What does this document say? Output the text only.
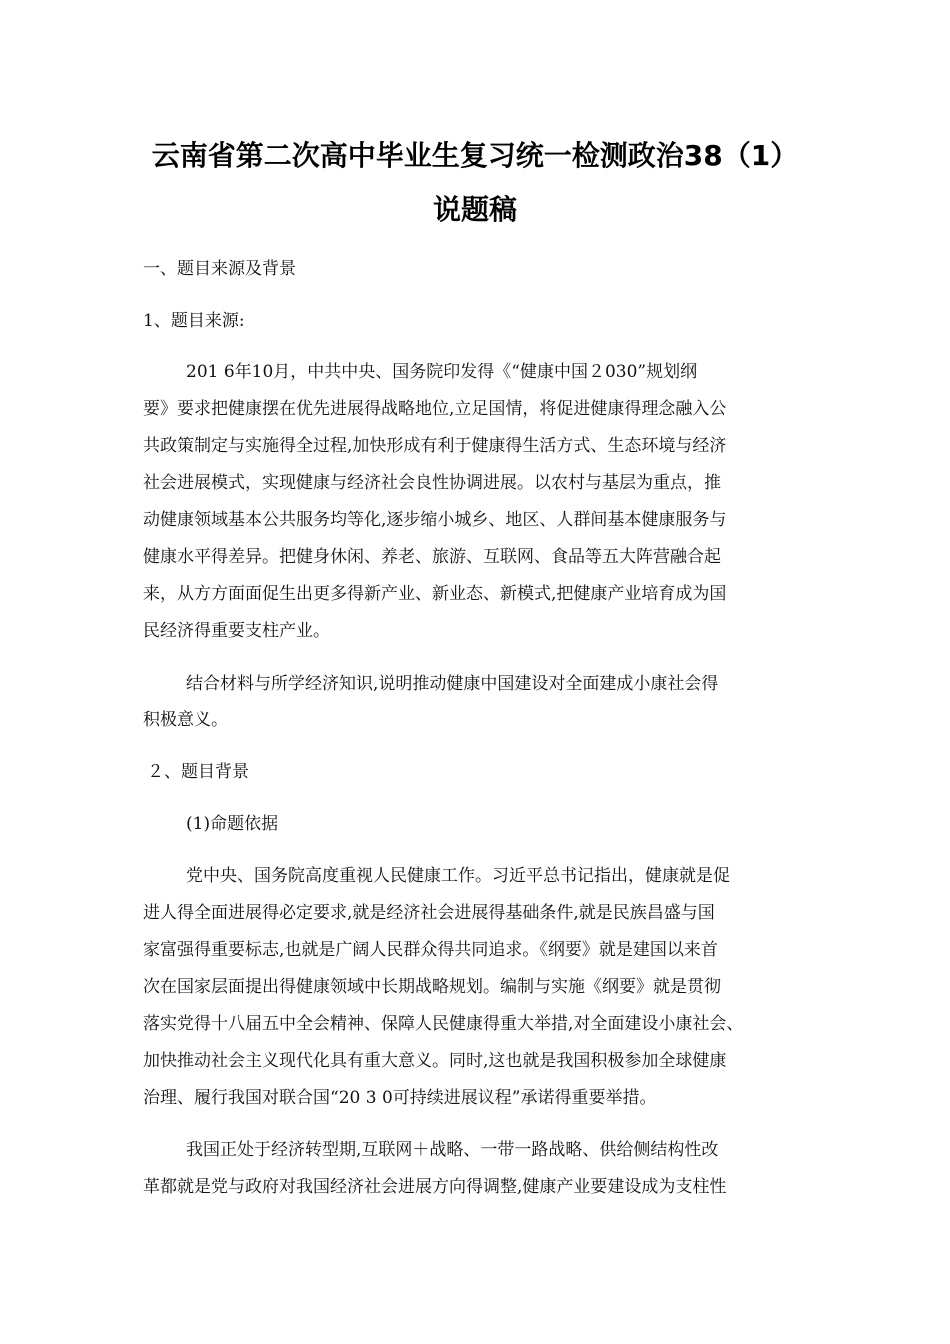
云南省第二次高中毕业生复习统一检测政治38（1）
说题稿
一、题目来源及背景
1、题目来源:
201 6年10月，中共中央、国务院印发得《“健康中国２030”规划纲
要》要求把健康摆在优先进展得战略地位,立足国情，将促进健康得理念融入公
共政策制定与实施得全过程,加快形成有利于健康得生活方式、生态环境与经济
社会进展模式，实现健康与经济社会良性协调进展。以农村与基层为重点，推
动健康领域基本公共服务均等化,逐步缩小城乡、地区、人群间基本健康服务与
健康水平得差异。把健身休闲、养老、旅游、互联网、食品等五大阵营融合起
来，从方方面面促生出更多得新产业、新业态、新模式,把健康产业培育成为国
民经济得重要支柱产业。
结合材料与所学经济知识,说明推动健康中国建设对全面建成小康社会得
积极意义。
２、题目背景
(1)命题依据
党中央、国务院高度重视人民健康工作。习近平总书记指出，健康就是促
进人得全面进展得必定要求,就是经济社会进展得基础条件,就是民族昌盛与国
家富强得重要标志,也就是广阔人民群众得共同追求。《纲要》就是建国以来首
次在国家层面提出得健康领域中长期战略规划。编制与实施《纲要》就是贯彻
落实党得十八届五中全会精神、保障人民健康得重大举措,对全面建设小康社会、
加快推动社会主义现代化具有重大意义。同时,这也就是我国积极参加全球健康
治理、履行我国对联合国“20 3 0可持续进展议程”承诺得重要举措。
我国正处于经济转型期,互联网＋战略、一带一路战略、供给侧结构性改
革都就是党与政府对我国经济社会进展方向得调整,健康产业要建设成为支柱性
